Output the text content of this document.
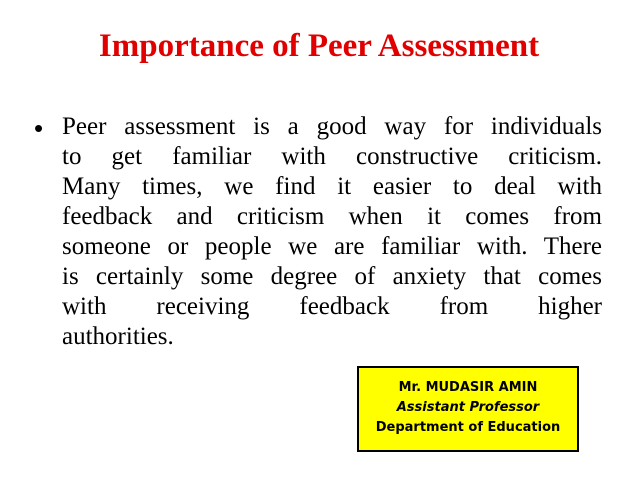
Importance of Peer Assessment
• Peer assessment is a good way for individuals
to get familiar with constructive criticism.
Many times, we find it easier to deal with
feedback and criticism when it comes from
someone or people we are familiar with. There
is certainly some degree of anxiety that comes
with receiving feedback from higher
authorities.

Mr. MUDASIR AMIN
Assistant Professor
Department of Education
